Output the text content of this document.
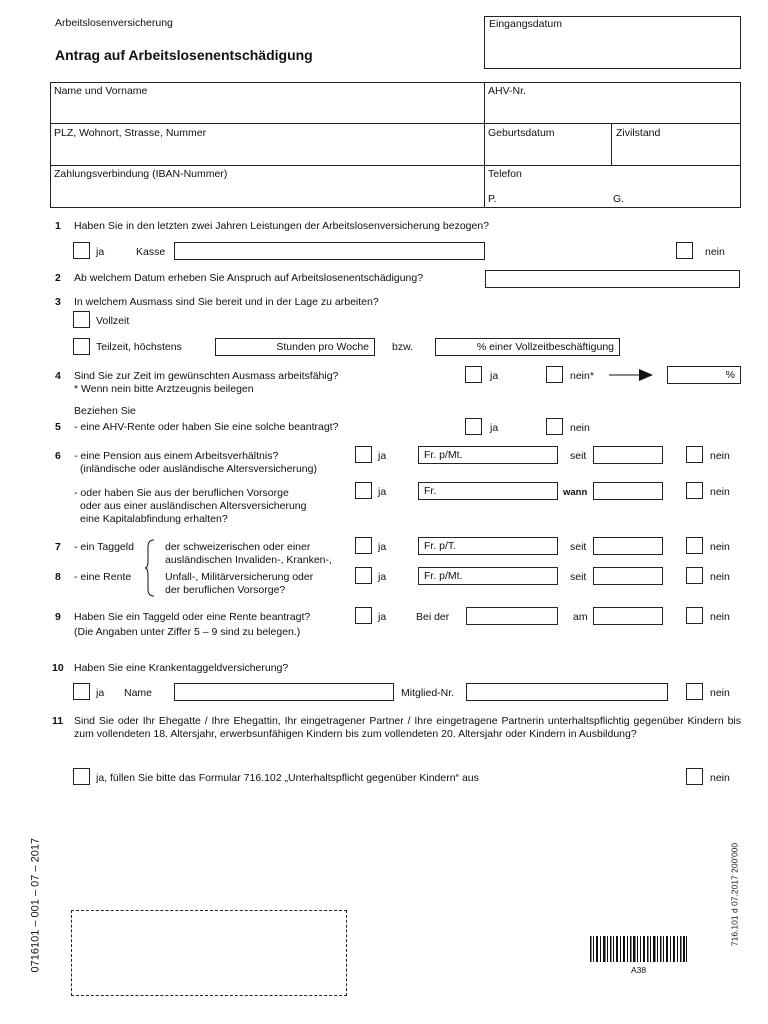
Arbeitslosenversicherung
Antrag auf Arbeitslosenentschädigung
Eingangsdatum
Name und Vorname	AHV-Nr.
PLZ, Wohnort, Strasse, Nummer	Geburtsdatum	Zivilstand
Zahlungsverbindung (IBAN-Nummer)	Telefon
P.	G.
1 Haben Sie in den letzten zwei Jahren Leistungen der Arbeitslosenversicherung bezogen?
ja	Kasse	nein
2 Ab welchem Datum erheben Sie Anspruch auf Arbeitslosenentschädigung?
3 In welchem Ausmass sind Sie bereit und in der Lage zu arbeiten?
Vollzeit
Teilzeit, höchstens	Stunden pro Woche	bzw.	% einer Vollzeitbeschäftigung
4 Sind Sie zur Zeit im gewünschten Ausmass arbeitsfähig?
* Wenn nein bitte Arztzeugnis beilegen
ja	nein*	%
Beziehen Sie
5 - eine AHV-Rente oder haben Sie eine solche beantragt?	ja	nein
6 - eine Pension aus einem Arbeitsverhältnis?
(inländische oder ausländische Altersversicherung)
ja	Fr. p/Mt.	seit	nein
- oder haben Sie aus der beruflichen Vorsorge
oder aus einer ausländischen Altersversicherung
eine Kapitalabfindung erhalten?
ja	Fr.	wann	nein
7 - ein Taggeld
8 - eine Rente
der schweizerischen oder einer
ausländischen Invaliden-, Kranken-,
Unfall-, Militärversicherung oder
der beruflichen Vorsorge?
ja	Fr. p/T.	seit	nein
ja	Fr. p/Mt.	seit	nein
9 Haben Sie ein Taggeld oder eine Rente beantragt?
(Die Angaben unter Ziffer 5 – 9 sind zu belegen.)
ja	Bei der	am	nein
10 Haben Sie eine Krankentaggeldversicherung?
ja Name	Mitglied-Nr.	nein
11 Sind Sie oder Ihr Ehegatte / Ihre Ehegattin, Ihr eingetragener Partner / Ihre eingetragene Partnerin unterhaltspflichtig gegenüber Kindern bis zum vollendeten 18. Altersjahr, erwerbsunfähigen Kindern bis zum vollendeten 20. Altersjahr oder Kindern in Ausbildung?
ja, füllen Sie bitte das Formular 716.102 „Unterhaltspflicht gegenüber Kindern“ aus	nein
0716101 – 001 – 07 – 2017	716.101 d 07.2017 200'000
A38
